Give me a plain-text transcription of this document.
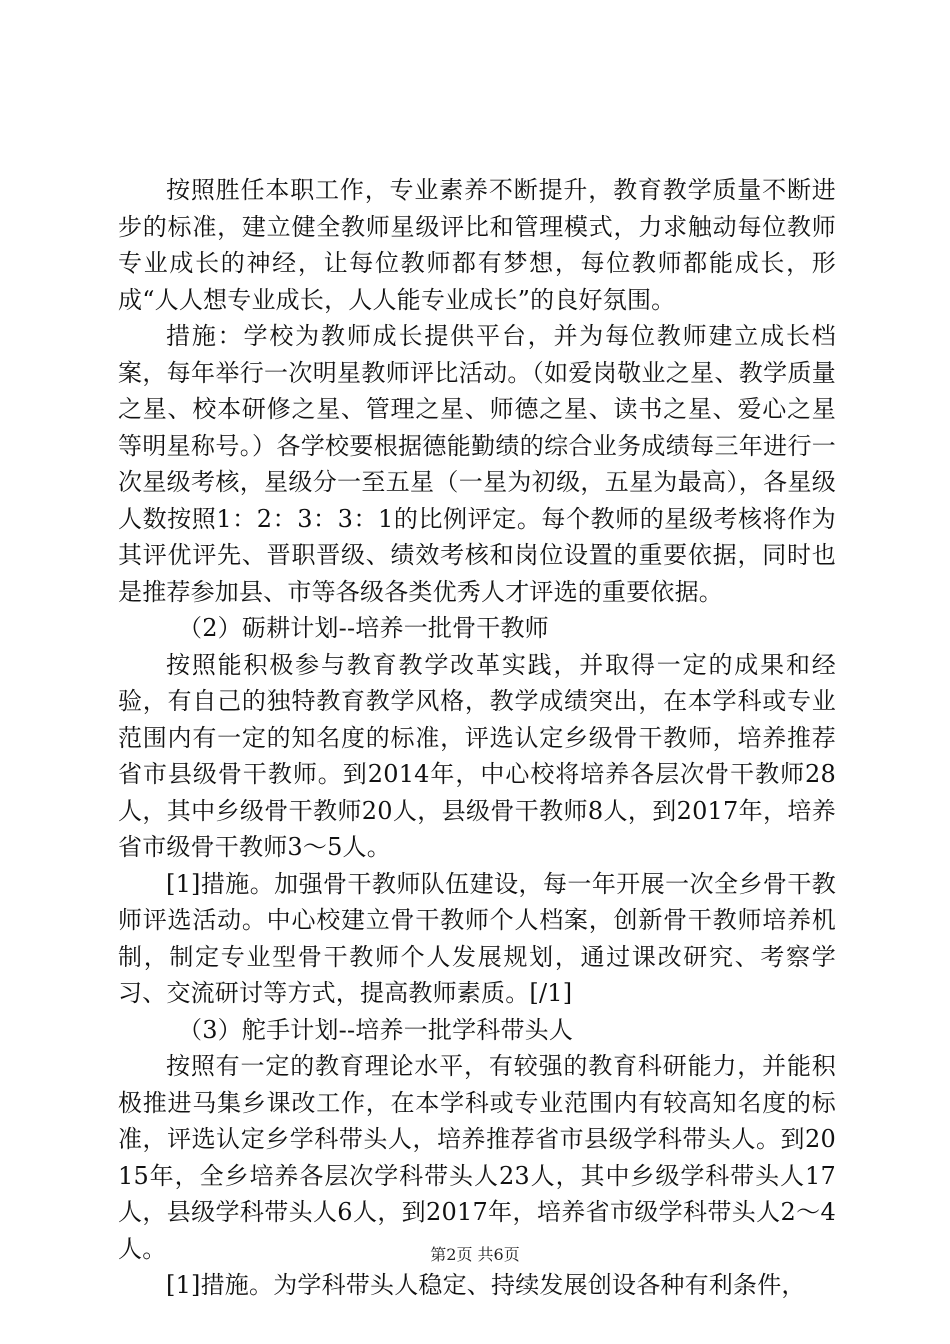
按照胜任本职工作，专业素养不断提升，教育教学质量不断进步的标准，建立健全教师星级评比和管理模式，力求触动每位教师专业成长的神经，让每位教师都有梦想，每位教师都能成长，形成“人人想专业成长，人人能专业成长”的良好氛围。

措施：学校为教师成长提供平台，并为每位教师建立成长档案，每年举行一次明星教师评比活动。（如爱岗敬业之星、教学质量之星、校本研修之星、管理之星、师德之星、读书之星、爱心之星等明星称号。）各学校要根据德能勤绩的综合业务成绩每三年进行一次星级考核，星级分一至五星（一星为初级，五星为最高），各星级人数按照1：2：3：3：1的比例评定。每个教师的星级考核将作为其评优评先、晋职晋级、绩效考核和岗位设置的重要依据，同时也是推荐参加县、市等各级各类优秀人才评选的重要依据。

（2）砺耕计划--培养一批骨干教师

按照能积极参与教育教学改革实践，并取得一定的成果和经验，有自己的独特教育教学风格，教学成绩突出，在本学科或专业范围内有一定的知名度的标准，评选认定乡级骨干教师，培养推荐省市县级骨干教师。到2014年，中心校将培养各层次骨干教师28人，其中乡级骨干教师20人，县级骨干教师8人，到2017年，培养省市级骨干教师3～5人。

[1]措施。加强骨干教师队伍建设，每一年开展一次全乡骨干教师评选活动。中心校建立骨干教师个人档案，创新骨干教师培养机制，制定专业型骨干教师个人发展规划，通过课改研究、考察学习、交流研讨等方式，提高教师素质。[/1]

（3）舵手计划--培养一批学科带头人

按照有一定的教育理论水平，有较强的教育科研能力，并能积极推进马集乡课改工作，在本学科或专业范围内有较高知名度的标准，评选认定乡学科带头人，培养推荐省市县级学科带头人。到2015年，全乡培养各层次学科带头人23人，其中乡级学科带头人17人，县级学科带头人6人，到2017年，培养省市级学科带头人2～4人。

[1]措施。为学科带头人稳定、持续发展创设各种有利条件，

第2页 共6页
